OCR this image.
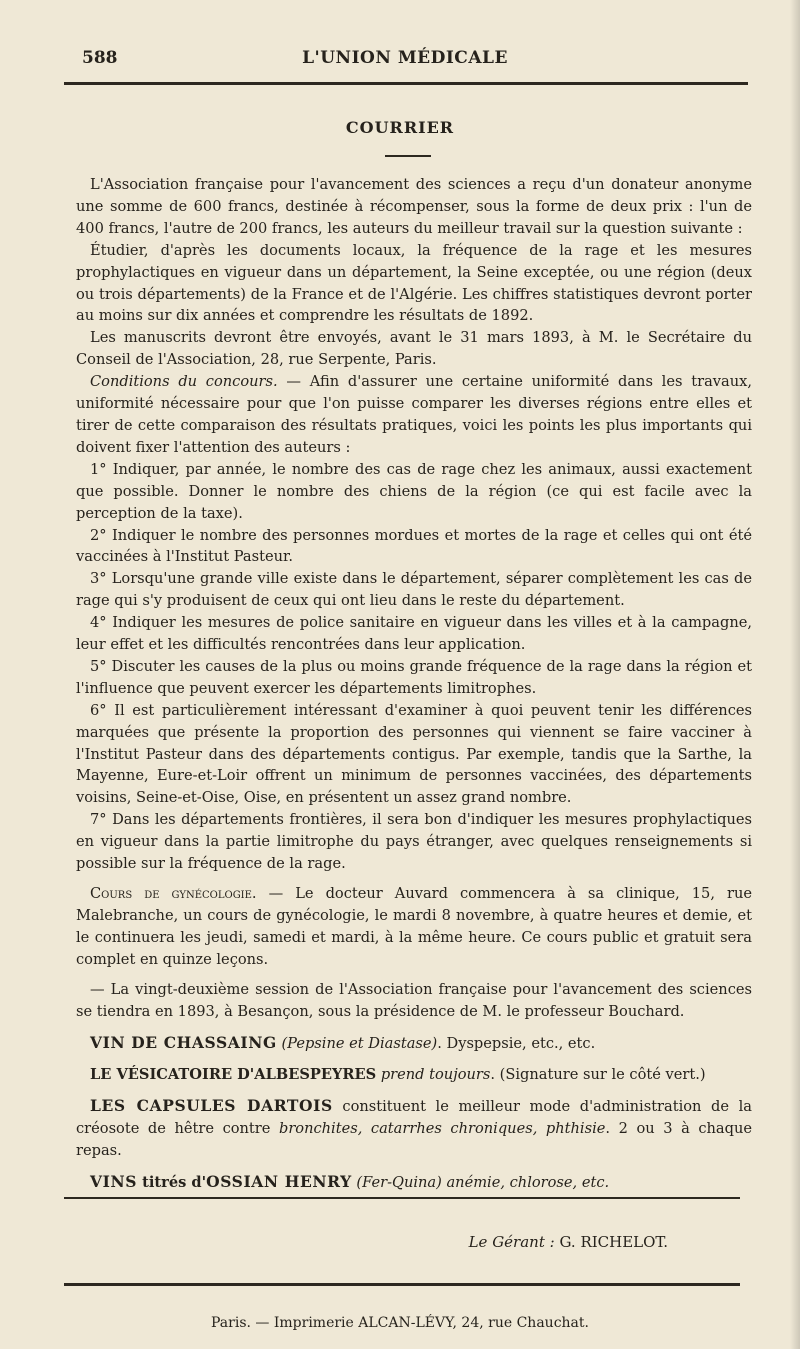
588	L'UNION MÉDICALE
COURRIER

L'Association française pour l'avancement des sciences a reçu d'un donateur anonyme une somme de 600 francs, destinée à récompenser, sous la forme de deux prix : l'un de 400 francs, l'autre de 200 francs, les auteurs du meilleur travail sur la question suivante :

Étudier, d'après les documents locaux, la fréquence de la rage et les mesures prophylactiques en vigueur dans un département, la Seine exceptée, ou une région (deux ou trois départements) de la France et de l'Algérie. Les chiffres statistiques devront porter au moins sur dix années et comprendre les résultats de 1892.

Les manuscrits devront être envoyés, avant le 31 mars 1893, à M. le Secrétaire du Conseil de l'Association, 28, rue Serpente, Paris.

Conditions du concours. — Afin d'assurer une certaine uniformité dans les travaux, uniformité nécessaire pour que l'on puisse comparer les diverses régions entre elles et tirer de cette comparaison des résultats pratiques, voici les points les plus importants qui doivent fixer l'attention des auteurs :

1° Indiquer, par année, le nombre des cas de rage chez les animaux, aussi exactement que possible. Donner le nombre des chiens de la région (ce qui est facile avec la perception de la taxe).

2° Indiquer le nombre des personnes mordues et mortes de la rage et celles qui ont été vaccinées à l'Institut Pasteur.

3° Lorsqu'une grande ville existe dans le département, séparer complètement les cas de rage qui s'y produisent de ceux qui ont lieu dans le reste du département.

4° Indiquer les mesures de police sanitaire en vigueur dans les villes et à la campagne, leur effet et les difficultés rencontrées dans leur application.

5° Discuter les causes de la plus ou moins grande fréquence de la rage dans la région et l'influence que peuvent exercer les départements limitrophes.

6° Il est particulièrement intéressant d'examiner à quoi peuvent tenir les différences marquées que présente la proportion des personnes qui viennent se faire vacciner à l'Institut Pasteur dans des départements contigus. Par exemple, tandis que la Sarthe, la Mayenne, Eure-et-Loir offrent un minimum de personnes vaccinées, des départements voisins, Seine-et-Oise, Oise, en présentent un assez grand nombre.

7° Dans les départements frontières, il sera bon d'indiquer les mesures prophylactiques en vigueur dans la partie limitrophe du pays étranger, avec quelques renseignements si possible sur la fréquence de la rage.

Cours de gynécologie. — Le docteur Auvard commencera à sa clinique, 15, rue Malebranche, un cours de gynécologie, le mardi 8 novembre, à quatre heures et demie, et le continuera les jeudi, samedi et mardi, à la même heure. Ce cours public et gratuit sera complet en quinze leçons.

— La vingt-deuxième session de l'Association française pour l'avancement des sciences se tiendra en 1893, à Besançon, sous la présidence de M. le professeur Bouchard.

VIN DE CHASSAING (Pepsine et Diastase). Dyspepsie, etc., etc.

LE VÉSICATOIRE D'ALBESPEYRES prend toujours. (Signature sur le côté vert.)

LES CAPSULES DARTOIS constituent le meilleur mode d'administration de la créosote de hêtre contre bronchites, catarrhes chroniques, phthisie. 2 ou 3 à chaque repas.

VINS titrés d'OSSIAN HENRY (Fer-Quina) anémie, chlorose, etc.

Le Gérant : G. RICHELOT.
Paris. — Imprimerie ALCAN-LÉVY, 24, rue Chauchat.
